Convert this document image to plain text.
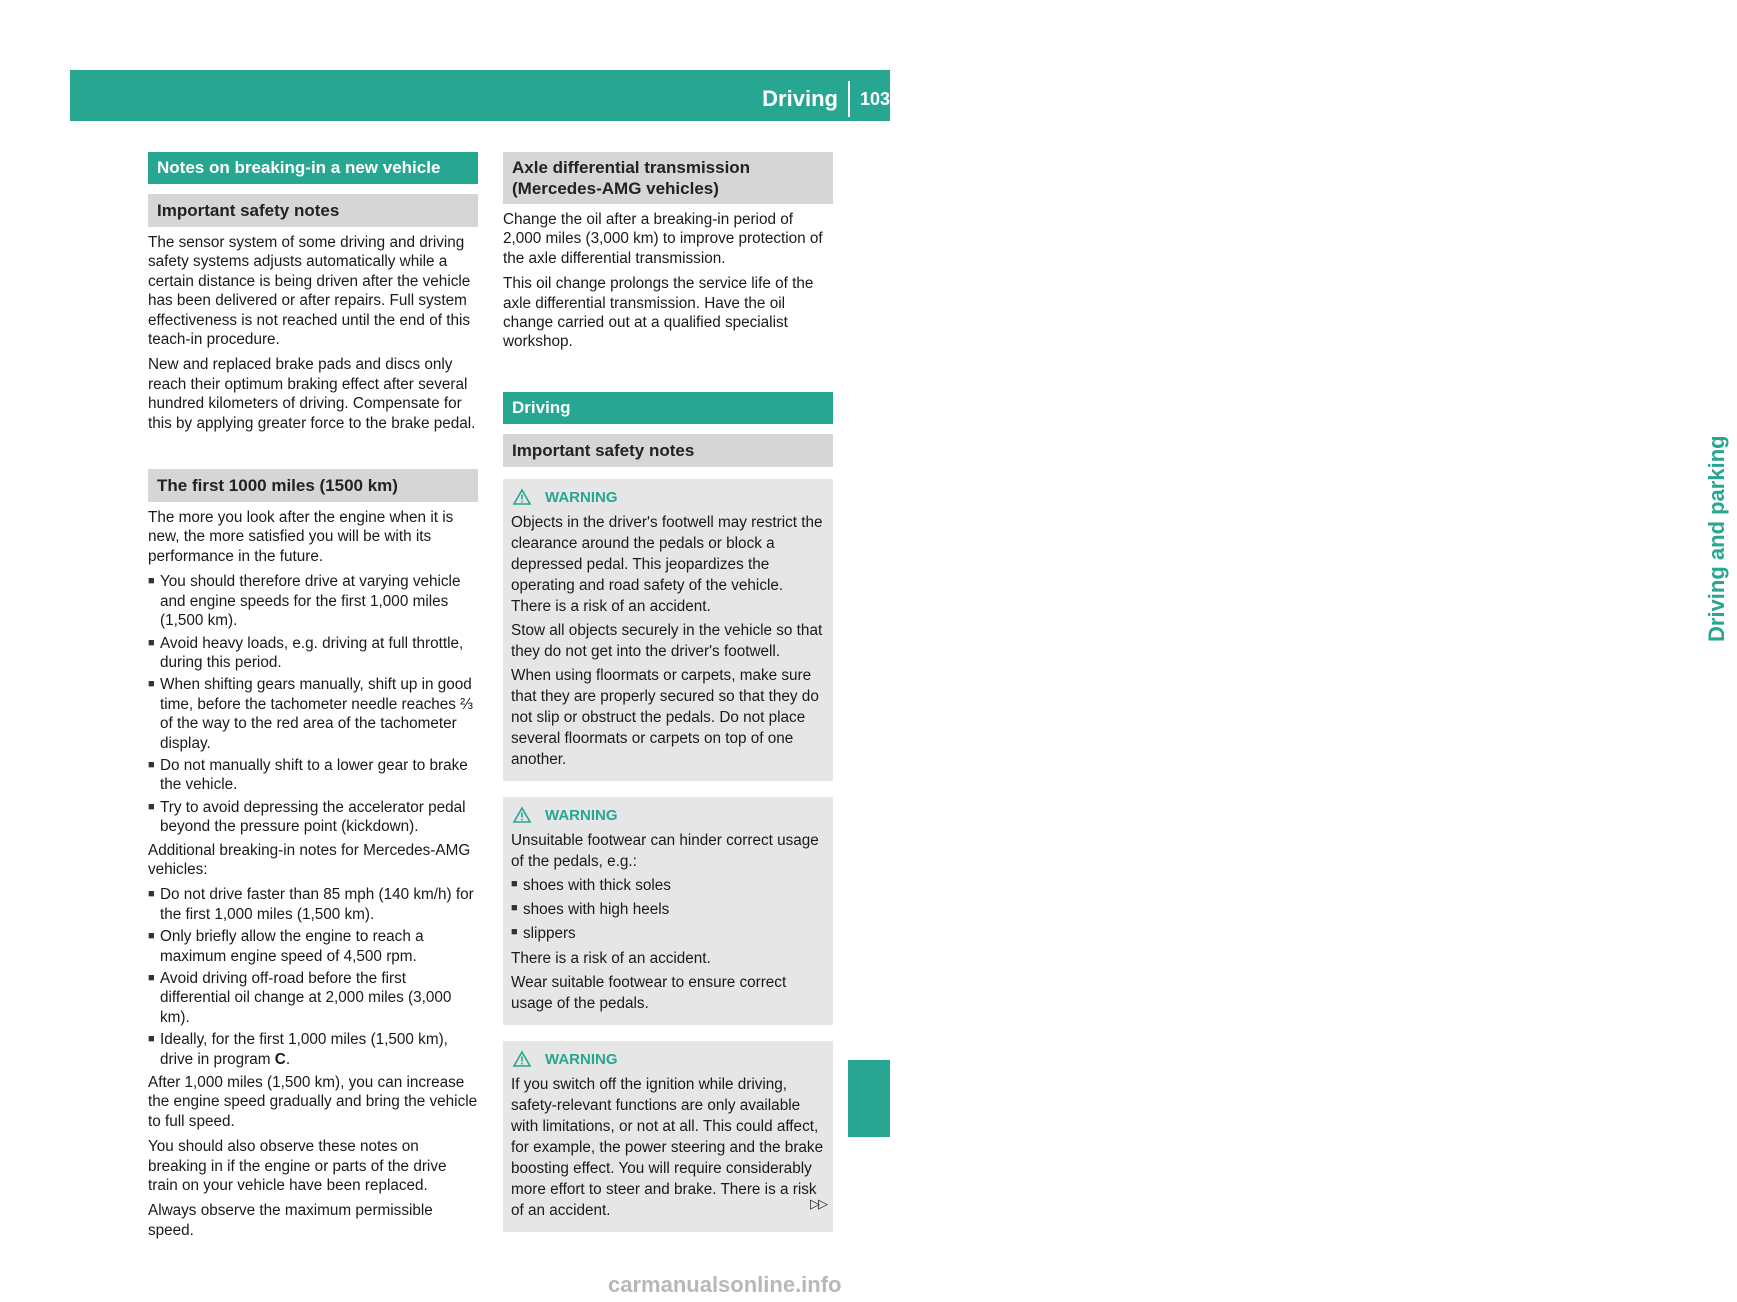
Driving	103
Driving and parking
Notes on breaking-in a new vehicle
Important safety notes

The sensor system of some driving and driving safety systems adjusts automatically while a certain distance is being driven after the vehicle has been delivered or after repairs. Full system effectiveness is not reached until the end of this teach-in procedure.

New and replaced brake pads and discs only reach their optimum braking effect after several hundred kilometers of driving. Compensate for this by applying greater force to the brake pedal.

The first 1000 miles (1500 km)

The more you look after the engine when it is new, the more satisfied you will be with its performance in the future.

■ You should therefore drive at varying vehicle and engine speeds for the first 1,000 miles (1,500 km).
■ Avoid heavy loads, e.g. driving at full throttle, during this period.
■ When shifting gears manually, shift up in good time, before the tachometer needle reaches ⅔ of the way to the red area of the tachometer display.
■ Do not manually shift to a lower gear to brake the vehicle.
■ Try to avoid depressing the accelerator pedal beyond the pressure point (kickdown).

Additional breaking-in notes for Mercedes-AMG vehicles:

■ Do not drive faster than 85 mph (140 km/h) for the first 1,000 miles (1,500 km).
■ Only briefly allow the engine to reach a maximum engine speed of 4,500 rpm.
■ Avoid driving off-road before the first differential oil change at 2,000 miles (3,000 km).
■ Ideally, for the first 1,000 miles (1,500 km), drive in program C.

After 1,000 miles (1,500 km), you can increase the engine speed gradually and bring the vehicle to full speed.

You should also observe these notes on breaking in if the engine or parts of the drive train on your vehicle have been replaced.

Always observe the maximum permissible speed.

Axle differential transmission (Mercedes-AMG vehicles)

Change the oil after a breaking-in period of 2,000 miles (3,000 km) to improve protection of the axle differential transmission.

This oil change prolongs the service life of the axle differential transmission. Have the oil change carried out at a qualified specialist workshop.

Driving
Important safety notes
WARNING

Objects in the driver's footwell may restrict the clearance around the pedals or block a depressed pedal. This jeopardizes the operating and road safety of the vehicle. There is a risk of an accident.

Stow all objects securely in the vehicle so that they do not get into the driver's footwell.

When using floormats or carpets, make sure that they are properly secured so that they do not slip or obstruct the pedals. Do not place several floormats or carpets on top of one another.

WARNING

Unsuitable footwear can hinder correct usage of the pedals, e.g.:

■ shoes with thick soles
■ shoes with high heels
■ slippers

There is a risk of an accident.

Wear suitable footwear to ensure correct usage of the pedals.

WARNING

If you switch off the ignition while driving, safety-relevant functions are only available with limitations, or not at all. This could affect, for example, the power steering and the brake boosting effect. You will require considerably more effort to steer and brake. There is a risk of an accident.	▷▷
carmanualsonline.info
